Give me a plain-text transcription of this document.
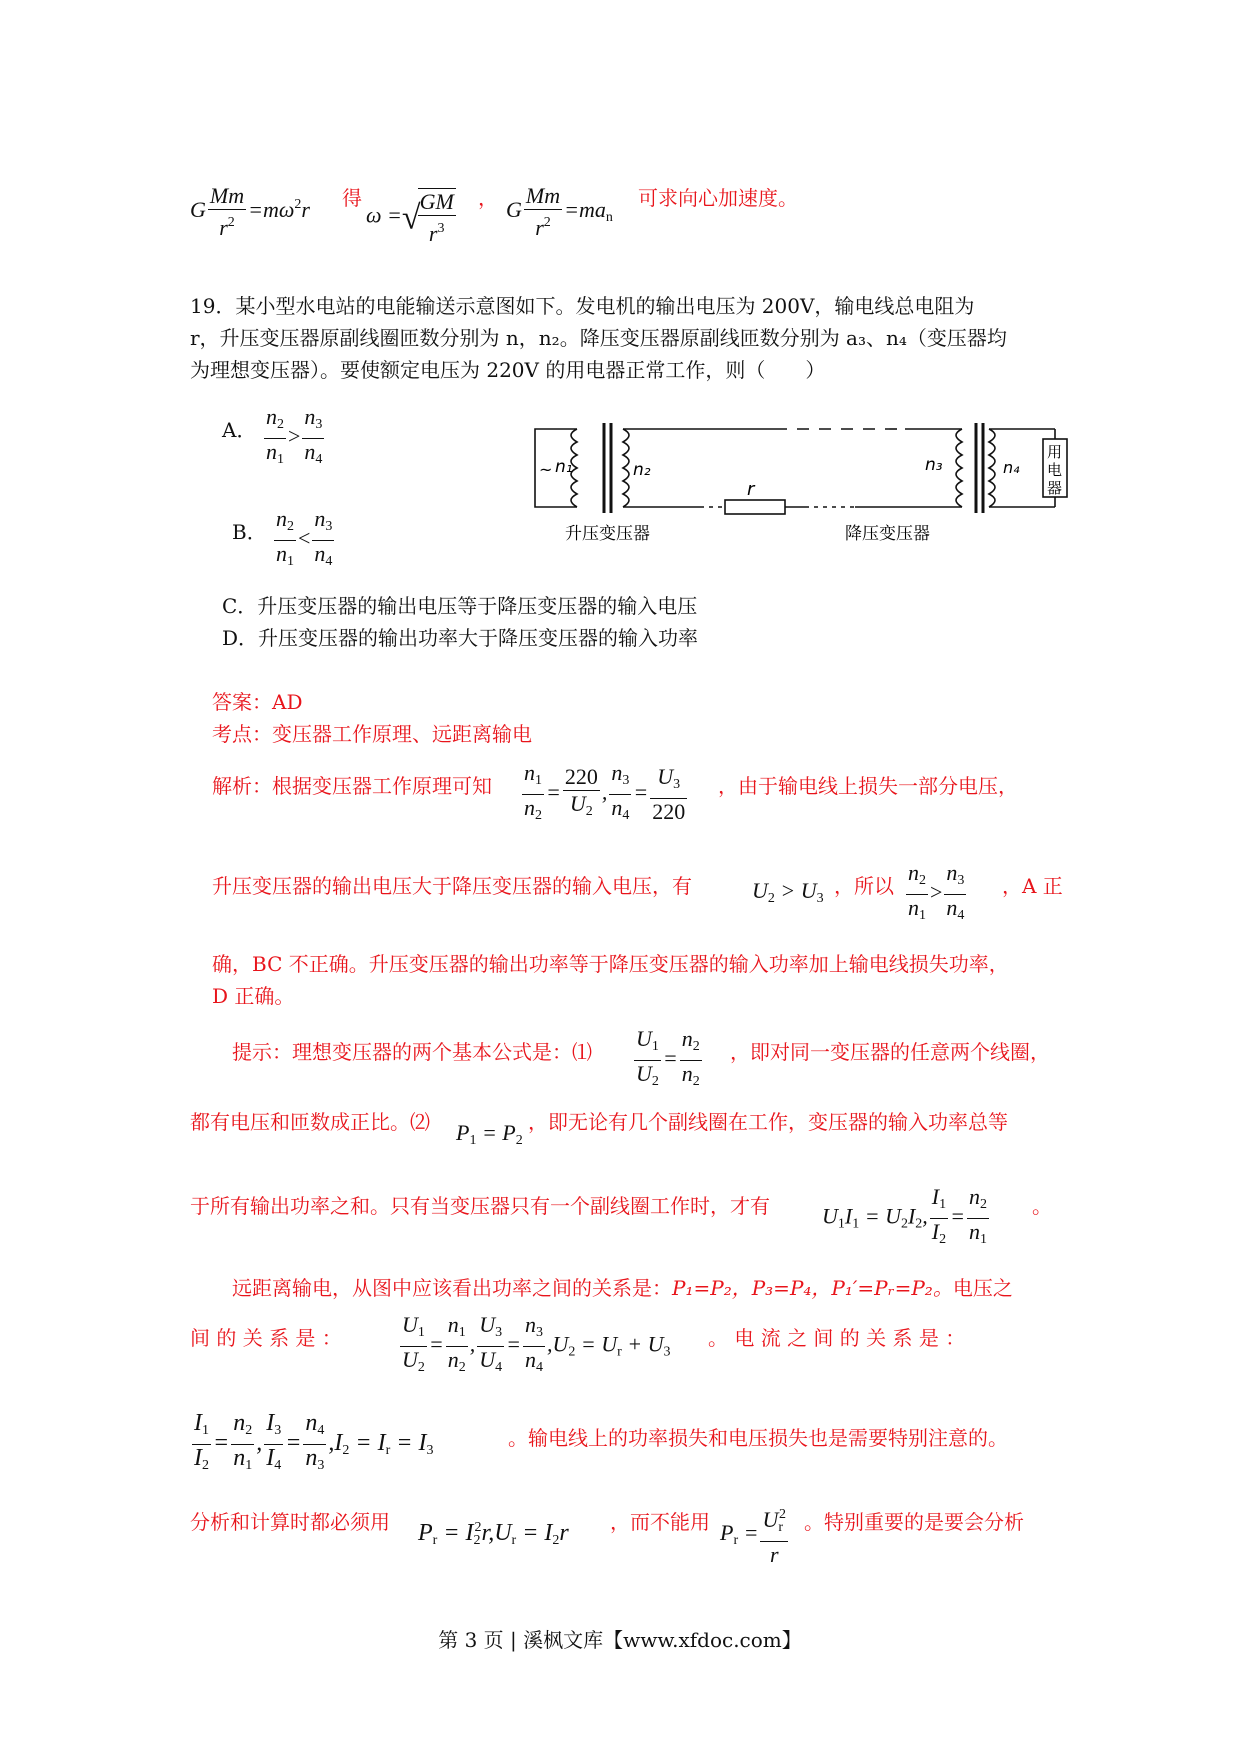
G $\frac{Mm}{r^2} =m\omega^2r$ 得
ω =√
$\frac{GM}{r^3}$ ， G $\frac{Mm}{r^2} =ma_n$
可求向心加速度。
19．某小型水电站的电能输送示意图如下。发电机的输出电压为 200V，输电线总电阻为
r，升压变压器原副线圈匝数分别为 n，n₂。降压变压器原副线匝数分别为 a₃、n₄（变压器均
为理想变压器）。要使额定电压为 220V 的用电器正常工作，则（　　）
A． $\frac{n_2}{n_1} > \frac{n_3}{n_4}$
B． $\frac{n_2}{n_1} < \frac{n_3}{n_4}$
C．升压变压器的输出电压等于降压变压器的输入电压
D．升压变压器的输出功率大于降压变压器的输入功率
~ n₁	n₂	n₃
r
升压变压器	降压变压器
n₄
用
电
器
答案：AD
考点：变压器工作原理、远距离输电
解析：根据变压器工作原理可知 $\frac{n_1}{n_2} = \frac{220}{U_2}$ , $\frac{n_3}{n_4} = \frac{U_3}{220}$ ，由于输电线上损失一部分电压，
升压变压器的输出电压大于降压变压器的输入电压，有	$U_2 > U_3$
，所以 $\frac{n_2}{n_1} > \frac{n_3}{n_4}$ ，A 正
确，BC 不正确。升压变压器的输出功率等于降压变压器的输入功率加上输电线损失功率，
D 正确。
提示：理想变压器的两个基本公式是：⑴ $\frac{U_1}{U_2} = \frac{n_2}{n_2}$ ，即对同一变压器的任意两个线圈，
都有电压和匝数成正比。⑵ $P_1 = P_2$
，即无论有几个副线圈在工作，变压器的输入功率总等
于所有输出功率之和。只有当变压器只有一个副线圈工作时，才有 $U_1I_1 = U_2I_2$, $\frac{I_1}{I_2} = \frac{n_2}{n_1}$ 。
远距离输电，从图中应该看出功率之间的关系是：P₁=P₂，P₃=P₄，P₁′=Pᵣ=P₂。电压之
间 的 关 系 是 ：	$\frac{U_1}{U_2} = \frac{n_1}{n_2}$ , $\frac{U_3}{U_4} = \frac{n_3}{n_4} ,U_2 = U_r + U_3$
。 电 流 之 间 的 关 系 是 ：
$\frac{I_1}{I_2} = \frac{n_2}{n_1}$ , $\frac{I_3}{I_4} = \frac{n_4}{n_3} ,I_2 = I_r = I_3$
。输电线上的功率损失和电压损失也是需要特别注意的。
分析和计算时都必须用 $P_r = I_2^2r,U_r = I_2r$ ，而不能用 $P_r = \frac{U_r^2}{r}$ 。特别重要的是要会分析
第 3 页 | 溪枫文库【www.xfdoc.com】
